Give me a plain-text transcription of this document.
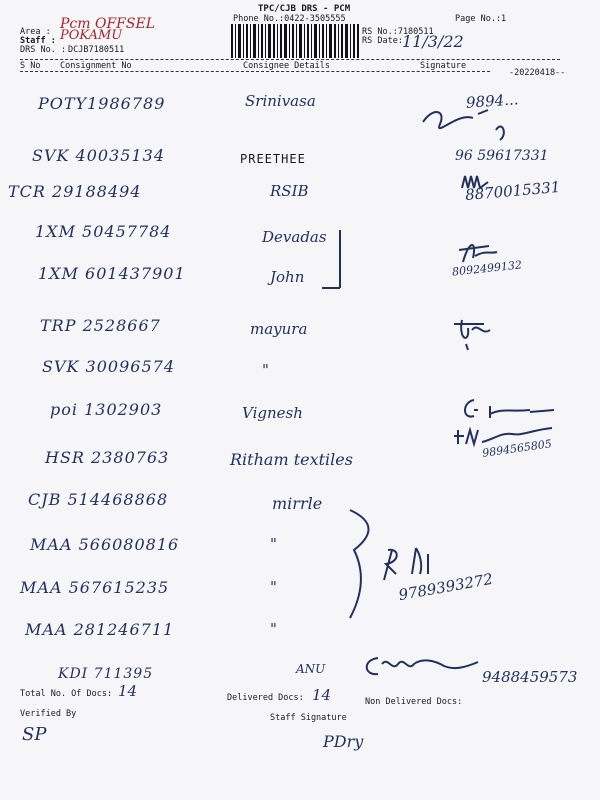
TPC/CJB DRS - PCM
Phone No.:0422-3505555
Area : Pcm OFFSEL
Staff : POKAMU
DRS No. : DCJB7180511
RS No.:7180511
RS Date: 11/3/22
Page No.:1
S No Consignment No	Consignee Details	Signature
-20220418--
POTY1986789	Srinivasa	9894...
SVK 40035134	PREETHEE	96 59617331
TCR 29188494	RSIB	8870015331
1XM 50457784	Devadas
1XM 601437901	John	8092499132
TRP 2528667	mayura
SVK 30096574	"
poi 1302903	Vignesh
HSR 2380763	Ritham textiles	9894565805
CJB 514468868	mirrle
MAA 566080816	"
MAA 567615235	"	9789393272
MAA 281246711	"
KDI 711395	ANU	9488459573
Total No. Of Docs: 14	Delivered Docs: 14	Non Delivered Docs:
Verified By	Staff Signature
SP	PDry
